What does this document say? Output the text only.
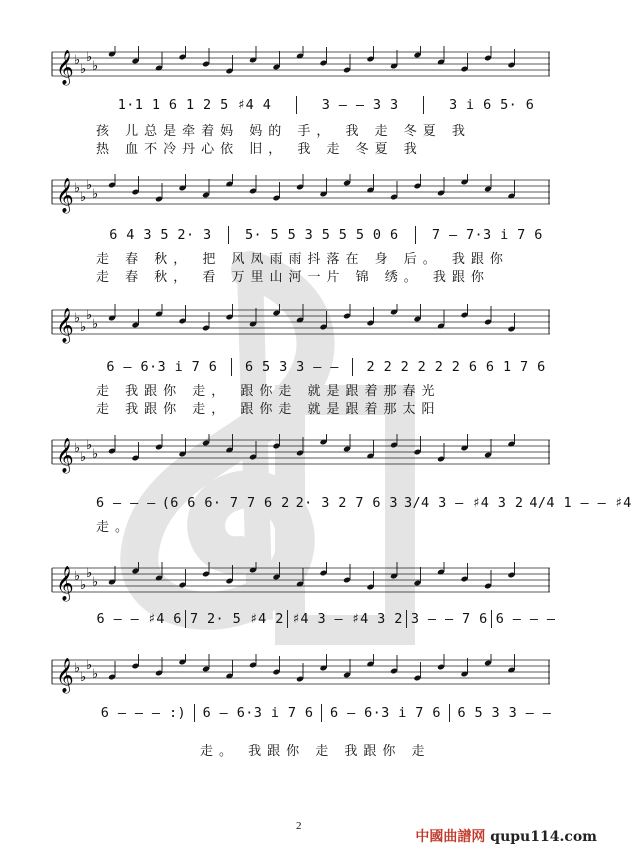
𝄞 ♭
♭
♭
♭
1·1 1 6 1 2 5 ♯4 4	3 — — 3 3	3 i 6 5· 6
孩 儿总是牵着妈 妈的 手， 我 走 冬夏 我
热 血不冷丹心依 旧， 我 走 冬夏 我
𝄞 ♭
♭
♭
♭
6 4 3 5 2· 3	5· 5 5 3 5 5 5 0 6	7 — 7·3 i 7 6
走 春 秋， 把 风凤雨雨抖落在 身 后。 我跟你
走 春 秋， 看 万里山河一片 锦 绣。 我跟你
𝄞 ♭
♭
♭
♭
6 — 6·3 i 7 6	6 5 3 3 — —	2 2 2 2 2 2 6 6 1 7 6
走 我跟你 走， 跟你走 就是跟着那春光
走 我跟你 走， 跟你走 就是跟着那太阳
𝄞 ♭
♭
♭
♭
6 — — — (6 6 6· 7 7 6 2 2· 3 2 7 6 3 3/4 3 — ♯4 3 2 4/4 1 — — ♯4
走。
𝄞 ♭
♭
♭
♭
6 — — ♯4 6 7 2· 5 ♯4 2 ♯4 3 — ♯4 3 2 3 — — 7 6 6 — — —
𝄞 ♭
♭
♭
♭
6 — — — :)	6 — 6·3 i 7 6	6 — 6·3 i 7 6	6 5 3 3 — —
走。 我跟你 走 我跟你 走
2
中國曲譜网 qupu114.com
